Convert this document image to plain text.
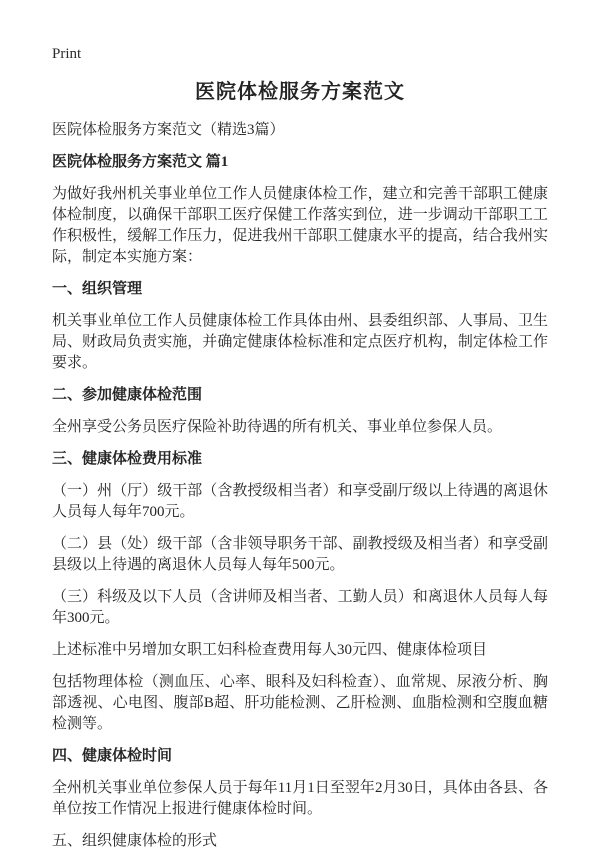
Print
医院体检服务方案范文

医院体检服务方案范文（精选3篇）

医院体检服务方案范文 篇1

为做好我州机关事业单位工作人员健康体检工作，建立和完善干部职工健康体检制度，以确保干部职工医疗保健工作落实到位，进一步调动干部职工工作积极性，缓解工作压力，促进我州干部职工健康水平的提高，结合我州实际，制定本实施方案：

一、组织管理

机关事业单位工作人员健康体检工作具体由州、县委组织部、人事局、卫生局、财政局负责实施，并确定健康体检标准和定点医疗机构，制定体检工作要求。

二、参加健康体检范围

全州享受公务员医疗保险补助待遇的所有机关、事业单位参保人员。

三、健康体检费用标准

（一）州（厅）级干部（含教授级相当者）和享受副厅级以上待遇的离退休人员每人每年700元。

（二）县（处）级干部（含非领导职务干部、副教授级及相当者）和享受副县级以上待遇的离退休人员每人每年500元。

（三）科级及以下人员（含讲师及相当者、工勤人员）和离退休人员每人每年300元。

上述标准中另增加女职工妇科检查费用每人30元四、健康体检项目

包括物理体检（测血压、心率、眼科及妇科检查）、血常规、尿液分析、胸部透视、心电图、腹部B超、肝功能检测、乙肝检测、血脂检测和空腹血糖检测等。

四、健康体检时间

全州机关事业单位参保人员于每年11月1日至翌年2月30日，具体由各县、各单位按工作情况上报进行健康体检时间。

五、组织健康体检的形式
